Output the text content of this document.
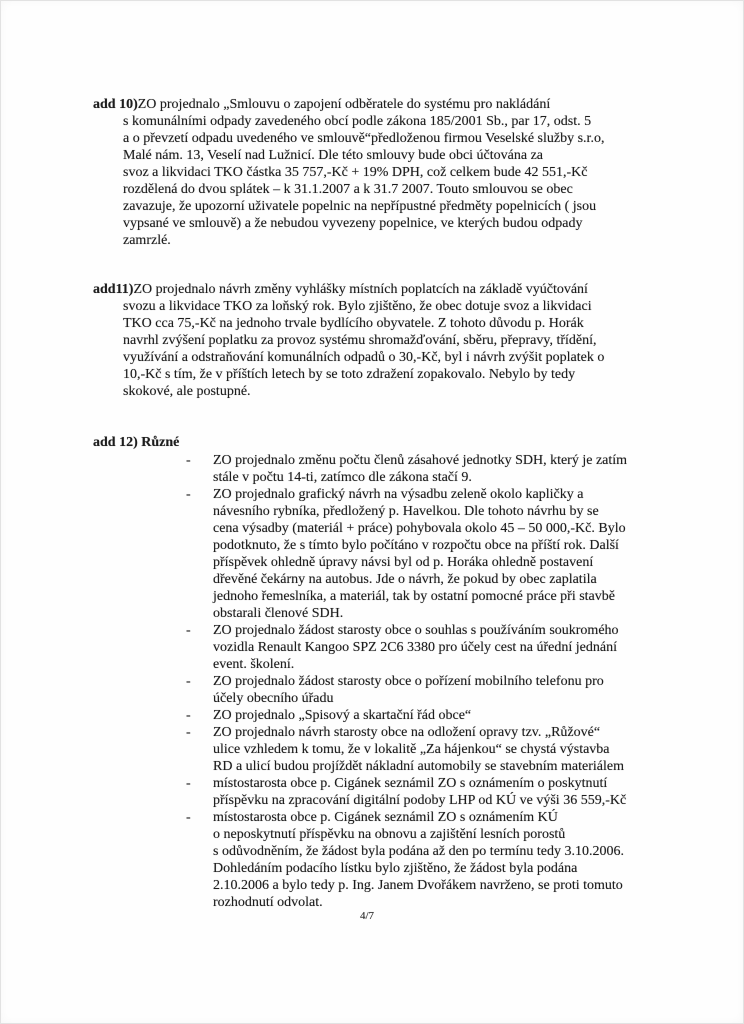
add 10)ZO projednalo „Smlouvu o zapojení odběratele do systému pro nakládání
s komunálními odpady zavedeného obcí podle zákona 185/2001 Sb., par 17, odst. 5
a o převzetí odpadu uvedeného ve smlouvě“předloženou firmou Veselské služby s.r.o,
Malé nám. 13, Veselí nad Lužnicí. Dle této smlouvy bude obci účtována za
svoz a likvidaci TKO částka 35 757,-Kč + 19% DPH, což celkem bude 42 551,-Kč
rozdělená do dvou splátek – k 31.1.2007 a k 31.7 2007. Touto smlouvou se obec
zavazuje, že upozorní uživatele popelnic na nepřípustné předměty popelnicích ( jsou
vypsané ve smlouvě) a že nebudou vyvezeny popelnice, ve kterých budou odpady
zamrzlé.
add11)ZO projednalo návrh změny vyhlášky místních poplatcích na základě vyúčtování
svozu a likvidace TKO za loňský rok. Bylo zjištěno, že obec dotuje svoz a likvidaci
TKO cca 75,-Kč na jednoho trvale bydlícího obyvatele. Z tohoto důvodu p. Horák
navrhl zvýšení poplatku za provoz systému shromažďování, sběru, přepravy, třídění,
využívání a odstraňování komunálních odpadů o 30,-Kč, byl i návrh zvýšit poplatek o
10,-Kč s tím, že v příštích letech by se toto zdražení zopakovalo. Nebylo by tedy
skokové, ale postupné.
add 12) Různé
-	ZO projednalo změnu počtu členů zásahové jednotky SDH, který je zatím
stále v počtu 14-ti, zatímco dle zákona stačí 9.
-	ZO projednalo grafický návrh na výsadbu zeleně okolo kapličky a
návesního rybníka, předložený p. Havelkou. Dle tohoto návrhu by se
cena výsadby (materiál + práce) pohybovala okolo 45 – 50 000,-Kč. Bylo
podotknuto, že s tímto bylo počítáno v rozpočtu obce na příští rok. Další
příspěvek ohledně úpravy návsi byl od p. Horáka ohledně postavení
dřevěné čekárny na autobus. Jde o návrh, že pokud by obec zaplatila
jednoho řemeslníka, a materiál, tak by ostatní pomocné práce při stavbě
obstarali členové SDH.
-	ZO projednalo žádost starosty obce o souhlas s používáním soukromého
vozidla Renault Kangoo SPZ 2C6 3380 pro účely cest na úřední jednání
event. školení.
-	ZO projednalo žádost starosty obce o pořízení mobilního telefonu pro
účely obecního úřadu
-	ZO projednalo „Spisový a skartační řád obce“
-	ZO projednalo návrh starosty obce na odložení opravy tzv. „Růžové“
ulice vzhledem k tomu, že v lokalitě „Za hájenkou“ se chystá výstavba
RD a ulicí budou projíždět nákladní automobily se stavebním materiálem
-	místostarosta obce p. Cigánek seznámil ZO s oznámením o poskytnutí
příspěvku na zpracování digitální podoby LHP od KÚ ve výši 36 559,-Kč
-	místostarosta obce p. Cigánek seznámil ZO s oznámením KÚ
o neposkytnutí příspěvku na obnovu a zajištění lesních porostů
s odůvodněním, že žádost byla podána až den po termínu tedy 3.10.2006.
Dohledáním podacího lístku bylo zjištěno, že žádost byla podána
2.10.2006 a bylo tedy p. Ing. Janem Dvořákem navrženo, se proti tomuto
rozhodnutí odvolat.
4/7
